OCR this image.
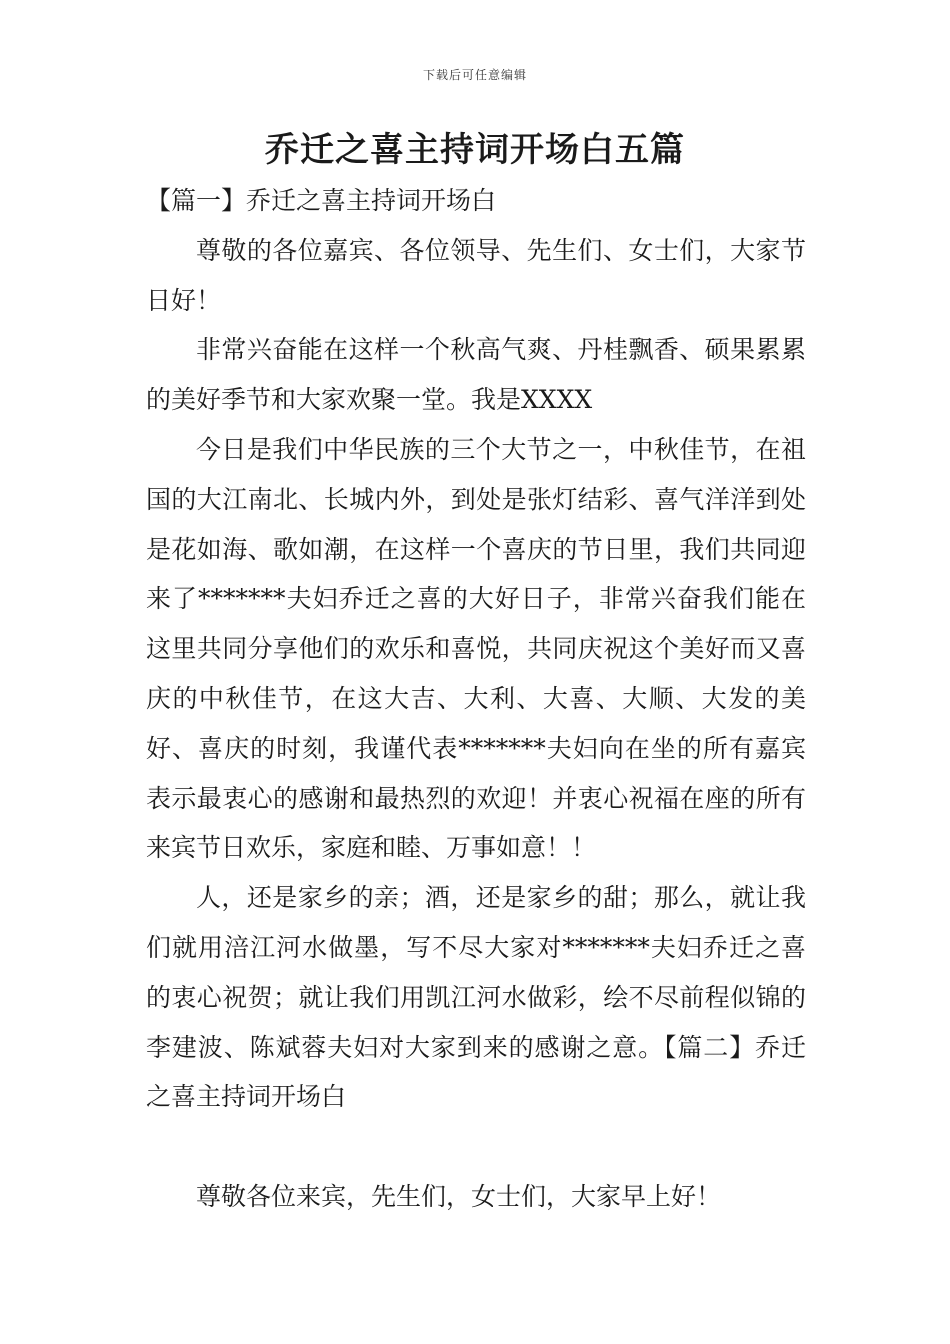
下载后可任意编辑
乔迁之喜主持词开场白五篇

【篇一】乔迁之喜主持词开场白

尊敬的各位嘉宾、各位领导、先生们、女士们，大家节日好！

非常兴奋能在这样一个秋高气爽、丹桂飘香、硕果累累的美好季节和大家欢聚一堂。我是XXXX

今日是我们中华民族的三个大节之一，中秋佳节，在祖国的大江南北、长城内外，到处是张灯结彩、喜气洋洋到处是花如海、歌如潮，在这样一个喜庆的节日里，我们共同迎来了*******夫妇乔迁之喜的大好日子，非常兴奋我们能在这里共同分享他们的欢乐和喜悦，共同庆祝这个美好而又喜庆的中秋佳节，在这大吉、大利、大喜、大顺、大发的美好、喜庆的时刻，我谨代表*******夫妇向在坐的所有嘉宾表示最衷心的感谢和最热烈的欢迎！并衷心祝福在座的所有来宾节日欢乐，家庭和睦、万事如意！！

人，还是家乡的亲；酒，还是家乡的甜；那么，就让我们就用涪江河水做墨，写不尽大家对*******夫妇乔迁之喜的衷心祝贺；就让我们用凯江河水做彩，绘不尽前程似锦的李建波、陈斌蓉夫妇对大家到来的感谢之意。【篇二】乔迁之喜主持词开场白

尊敬各位来宾，先生们，女士们，大家早上好！
